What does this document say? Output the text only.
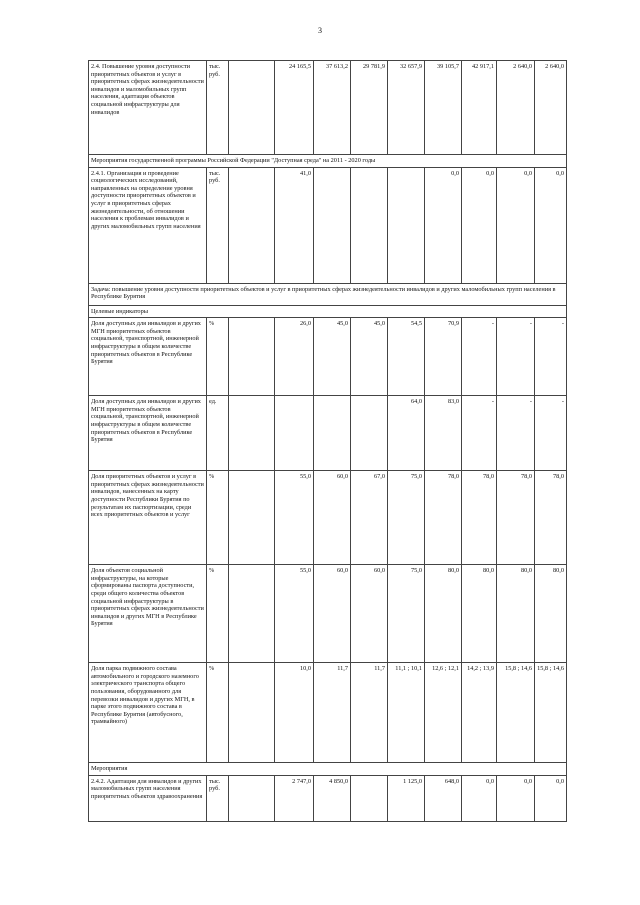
3
2.4. Повышение уровня доступности приоритетных объектов и услуг в приоритетных сферах жизнедеятельности инвалидов и маломобильных групп населения, адаптация объектов социальной инфраструктуры для инвалидов	тыс. руб.		24 165,5	37 613,2	29 781,9	32 657,9	39 105,7	42 917,1	2 640,0	2 640,0
Мероприятия государственной программы Российской Федерации "Доступная среда" на 2011 - 2020 годы										
2.4.1. Организация и проведение социологических исследований, направленных на определение уровня доступности приоритетных объектов и услуг в приоритетных сферах жизнедеятельности, об отношении населения к проблемам инвалидов и других маломобильных групп населения	тыс. руб.		41,0				0,0	0,0	0,0	0,0
Задача: повышение уровня доступности приоритетных объектов и услуг в приоритетных сферах жизнедеятельности инвалидов и других маломобильных групп населения в Республике Бурятия										
Целевые индикаторы										
Доля доступных для инвалидов и других МГН приоритетных объектов социальной, транспортной, инженерной инфраструктуры в общем количестве приоритетных объектов в Республике Бурятия	%		26,0	45,0	45,0	54,5	70,9	-	-	-
Доля доступных для инвалидов и других МГН приоритетных объектов социальной, транспортной, инженерной инфраструктуры в общем количестве приоритетных объектов в Республике Бурятия	ед.					64,0	83,0	-	-	-
Доля приоритетных объектов и услуг в приоритетных сферах жизнедеятельности инвалидов, нанесенных на карту доступности Республики Бурятия по результатам их паспортизации, среди всех приоритетных объектов и услуг	%		55,0	60,0	67,0	75,0	78,0	78,0	78,0	78,0
Доля объектов социальной инфраструктуры, на которые сформированы паспорта доступности, среди общего количества объектов социальной инфраструктуры в приоритетных сферах жизнедеятельности инвалидов и других МГН в Республике Бурятия	%		55,0	60,0	60,0	75,0	80,0	80,0	80,0	80,0
Доля парка подвижного состава автомобильного и городского наземного электрического транспорта общего пользования, оборудованного для перевозки инвалидов и других МГН, в парке этого подвижного состава в Республике Бурятия (автобусного, трамвайного)	%		10,0	11,7	11,7	11,1 ; 10,1	12,6 ; 12,1	14,2 ; 13,9	15,8 ; 14,6	15,8 ; 14,6
Мероприятия										
2.4.2. Адаптация для инвалидов и других маломобильных групп населения приоритетных объектов здравоохранения	тыс. руб.		2 747,0	4 850,0		1 125,0	648,0	0,0	0,0	0,0
